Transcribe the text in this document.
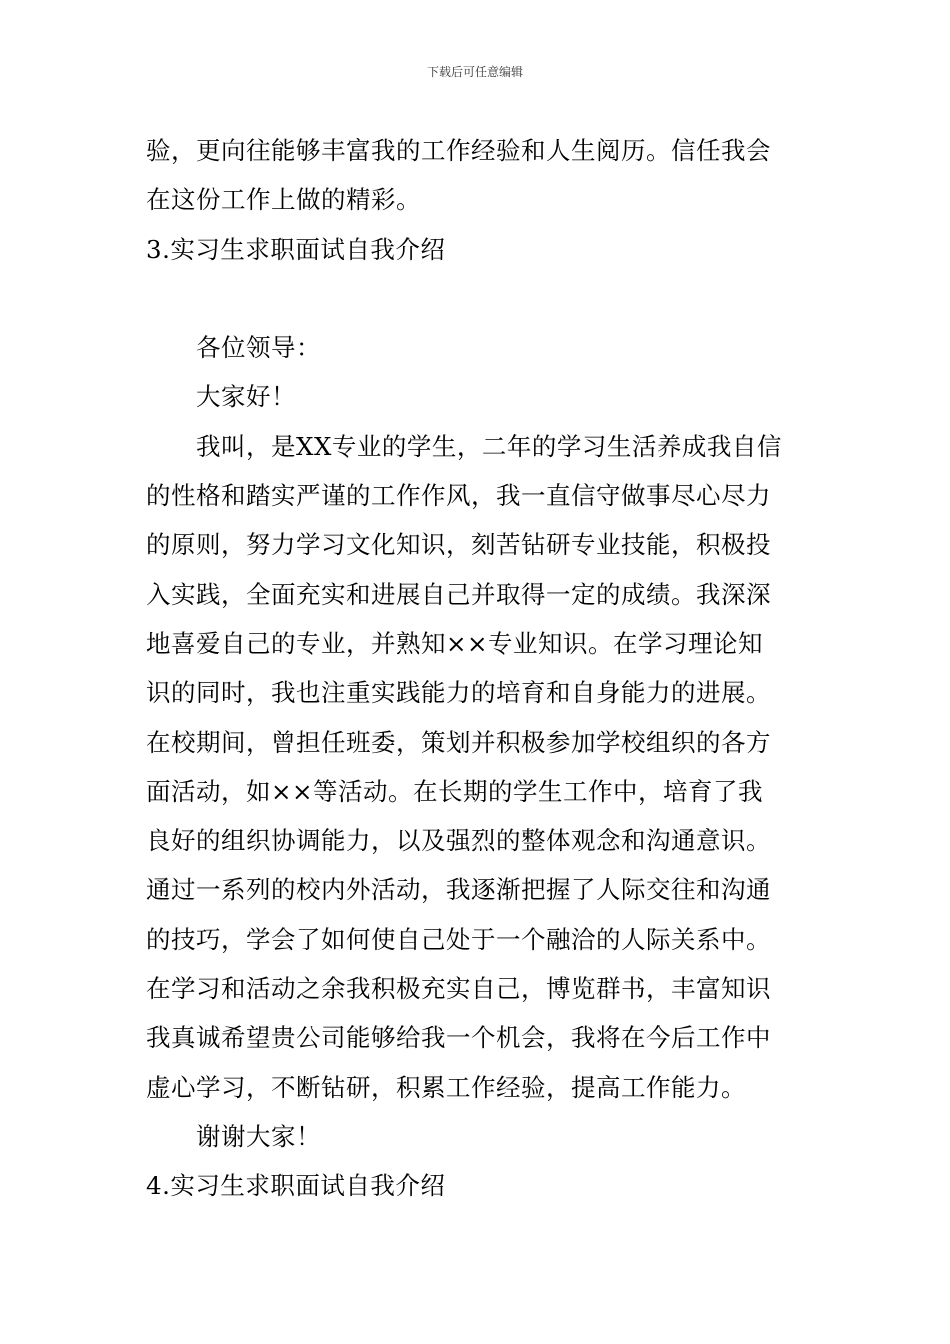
下载后可任意编辑

验，更向往能够丰富我的工作经验和人生阅历。信任我会

在这份工作上做的精彩。

3.实习生求职面试自我介绍

各位领导：

大家好！

我叫，是XX专业的学生，二年的学习生活养成我自信

的性格和踏实严谨的工作作风，我一直信守做事尽心尽力

的原则，努力学习文化知识，刻苦钻研专业技能，积极投

入实践，全面充实和进展自己并取得一定的成绩。我深深

地喜爱自己的专业，并熟知××专业知识。在学习理论知

识的同时，我也注重实践能力的培育和自身能力的进展。

在校期间，曾担任班委，策划并积极参加学校组织的各方

面活动，如××等活动。在长期的学生工作中，培育了我

良好的组织协调能力，以及强烈的整体观念和沟通意识。

通过一系列的校内外活动，我逐渐把握了人际交往和沟通

的技巧，学会了如何使自己处于一个融洽的人际关系中。

在学习和活动之余我积极充实自己，博览群书，丰富知识

我真诚希望贵公司能够给我一个机会，我将在今后工作中

虚心学习，不断钻研，积累工作经验，提高工作能力。

谢谢大家！

4.实习生求职面试自我介绍
